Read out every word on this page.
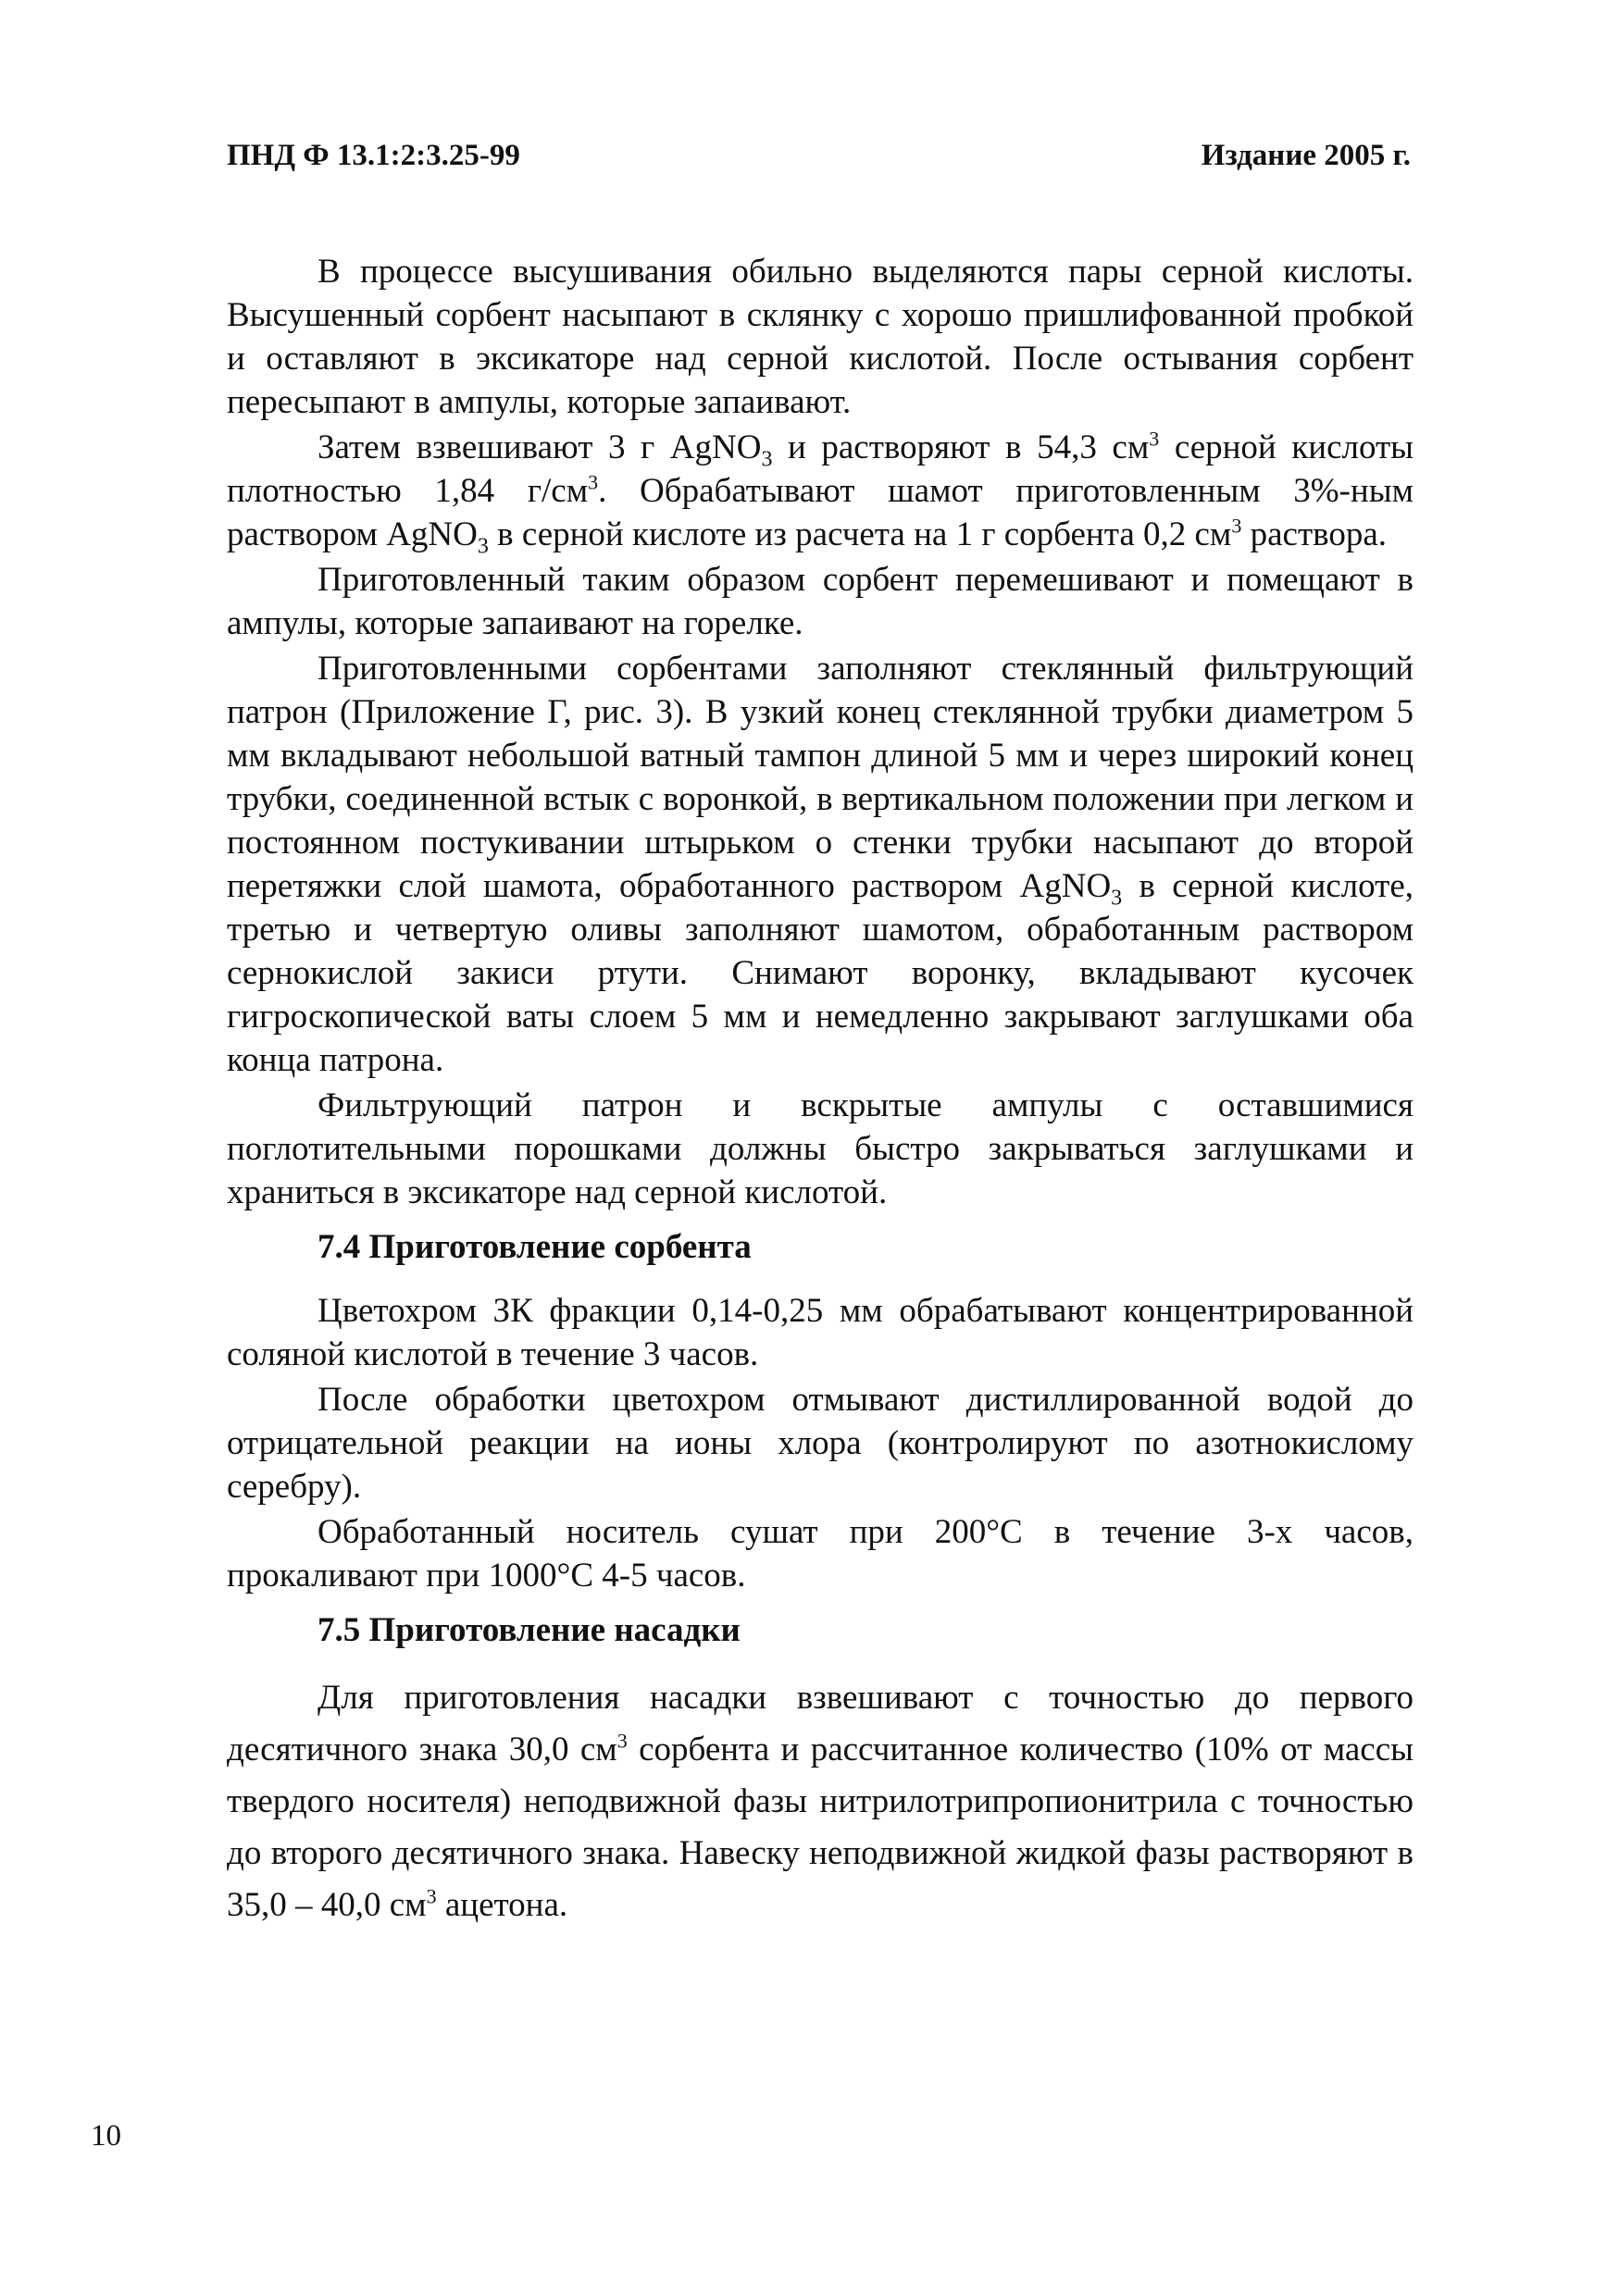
ПНД Ф 13.1:2:3.25-99	Издание 2005 г.

В процессе высушивания обильно выделяются пары серной кислоты. Высушенный сорбент насыпают в склянку с хорошо пришлифованной пробкой и оставляют в эксикаторе над серной кислотой. После остывания сорбент пересыпают в ампулы, которые запаивают.

Затем взвешивают 3 г AgNO$_3$ и растворяют в 54,3 $см^3$ серной кислоты плотностью 1,84 $г/см^3$. Обрабатывают шамот приготовленным 3%-ным раствором AgNO$_3$ в серной кислоте из расчета на 1 г сорбента 0,2 $см^3$ раствора.

Приготовленный таким образом сорбент перемешивают и помещают в ампулы, которые запаивают на горелке.

Приготовленными сорбентами заполняют стеклянный фильтрующий патрон (Приложение Г, рис. 3). В узкий конец стеклянной трубки диаметром 5 мм вкладывают небольшой ватный тампон длиной 5 мм и через широкий конец трубки, соединенной встык с воронкой, в вертикальном положении при легком и постоянном постукивании штырьком о стенки трубки насыпают до второй перетяжки слой шамота, обработанного раствором AgNO$_3$ в серной кислоте, третью и четвертую оливы заполняют шамотом, обработанным раствором сернокислой закиси ртути. Снимают воронку, вкладывают кусочек гигроскопической ваты слоем 5 мм и немедленно закрывают заглушками оба конца патрона.

Фильтрующий патрон и вскрытые ампулы с оставшимися поглотительными порошками должны быстро закрываться заглушками и храниться в эксикаторе над серной кислотой.

7.4 Приготовление сорбента

Цветохром ЗК фракции 0,14-0,25 мм обрабатывают концентрированной соляной кислотой в течение 3 часов.

После обработки цветохром отмывают дистиллированной водой до отрицательной реакции на ионы хлора (контролируют по азотнокислому серебру).

Обработанный носитель сушат при 200°С в течение 3-х часов, прокаливают при 1000°С 4-5 часов.

7.5 Приготовление насадки

Для приготовления насадки взвешивают с точностью до первого десятичного знака 30,0 $см^3$ сорбента и рассчитанное количество (10% от массы твердого носителя) неподвижной фазы нитрилотрипропионитрила с точностью до второго десятичного знака. Навеску неподвижной жидкой фазы растворяют в 35,0 – 40,0 $см^3$ ацетона.

10
